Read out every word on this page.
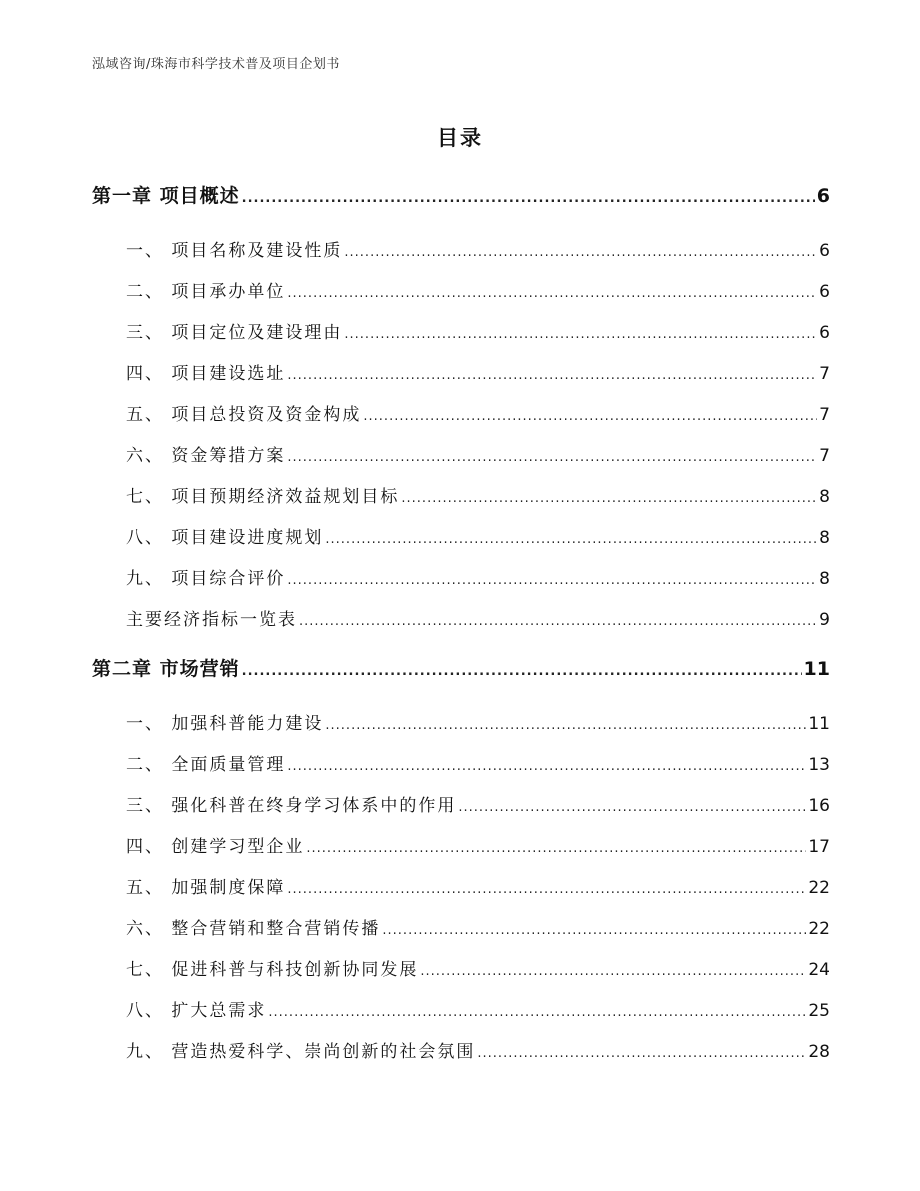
泓域咨询/珠海市科学技术普及项目企划书
目录
第一章 项目概述 .....	6
一、 项目名称及建设性质 .....	6
二、 项目承办单位 .....	6
三、 项目定位及建设理由 .....	6
四、 项目建设选址 .....	7
五、 项目总投资及资金构成 .....	7
六、 资金筹措方案 .....	7
七、 项目预期经济效益规划目标 .....	8
八、 项目建设进度规划 .....	8
九、 项目综合评价 .....	8
主要经济指标一览表 .....	9
第二章 市场营销 .....	11
一、 加强科普能力建设 .....	11
二、 全面质量管理 .....	13
三、 强化科普在终身学习体系中的作用 .....	16
四、 创建学习型企业 .....	17
五、 加强制度保障 .....	22
六、 整合营销和整合营销传播 .....	22
七、 促进科普与科技创新协同发展 .....	24
八、 扩大总需求 .....	25
九、 营造热爱科学、崇尚创新的社会氛围 .....	28
